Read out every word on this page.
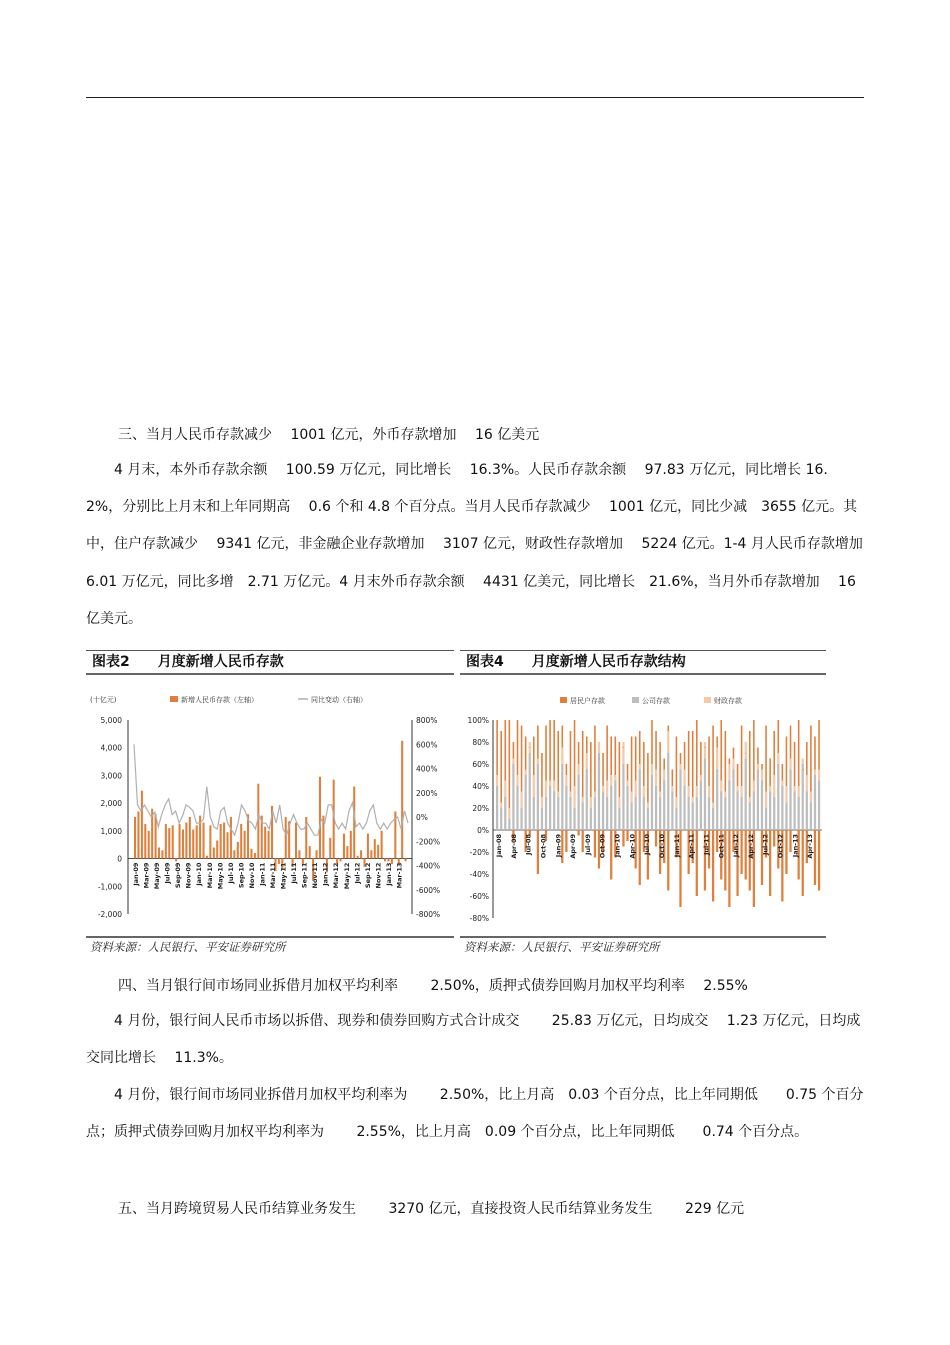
三、当月人民币存款减少　 1001 亿元，外币存款增加　 16 亿美元

　　4 月末，本外币存款余额　 100.59 万亿元，同比增长　 16.3%。人民币存款余额　 97.83 万亿元，同比增长 16.2%，分别比上月末和上年同期高　 0.6 个和 4.8 个百分点。当月人民币存款减少　 1001 亿元，同比少减　3655 亿元。其中，住户存款减少　 9341 亿元，非金融企业存款增加　 3107 亿元，财政性存款增加　 5224 亿元。1-4 月人民币存款增加　 6.01 万亿元，同比多增　2.71 万亿元。4 月末外币存款余额　 4431 亿美元，同比增长　21.6%，当月外币存款增加　 16 亿美元。

图表2　　月度新增人民币存款
(十亿元)	新增人民币存款（左轴）	同比变动（右轴）
5,000
4,000
3,000
2,000
1,000
0
-1,000
-2,000
800%
600%
400%
200%
0%
-200%
-400%
-600%
-800%
Jan-09 Mar-09 May-09 Jul-09 Sep-09 Nov-09 Jan-10 Mar-10 May-10 Jul-10 Sep-10 Nov-10 Jan-11 Mar-11 May-11 Jul-11 Sep-11 Nov-11 Jan-12 Mar-12 May-12 Jul-12 Sep-12 Nov-12 Jan-13 Mar-13
资料来源：人民银行、平安证券研究所
图表4　　月度新增人民币存款结构
居民户存款	公司存款	财政存款
100%
80%
60%
40%
20%
0%
-20%
-40%
-60%
-80%
Jan-08 Apr-08 Jul-08 Oct-08 Jan-09 Apr-09 Jul-09 Oct-09 Jan-10 Apr-10 Jul-10 Oct-10 Jan-11 Apr-11 Jul-11 Oct-11 Jan-12 Apr-12 Jul-12 Oct-12 Jan-13 Apr-13
资料来源：人民银行、平安证券研究所

四、当月银行间市场同业拆借月加权平均利率　　 2.50%，质押式债券回购月加权平均利率　 2.55%

　　4 月份，银行间人民币市场以拆借、现券和债券回购方式合计成交　　 25.83 万亿元，日均成交　 1.23 万亿元，日均成交同比增长　 11.3%。

　　4 月份，银行间市场同业拆借月加权平均利率为　　 2.50%，比上月高　0.03 个百分点，比上年同期低　　0.75 个百分点；质押式债券回购月加权平均利率为　　 2.55%，比上月高　0.09 个百分点，比上年同期低　　0.74 个百分点。

五、当月跨境贸易人民币结算业务发生　　 3270 亿元，直接投资人民币结算业务发生　　 229 亿元
